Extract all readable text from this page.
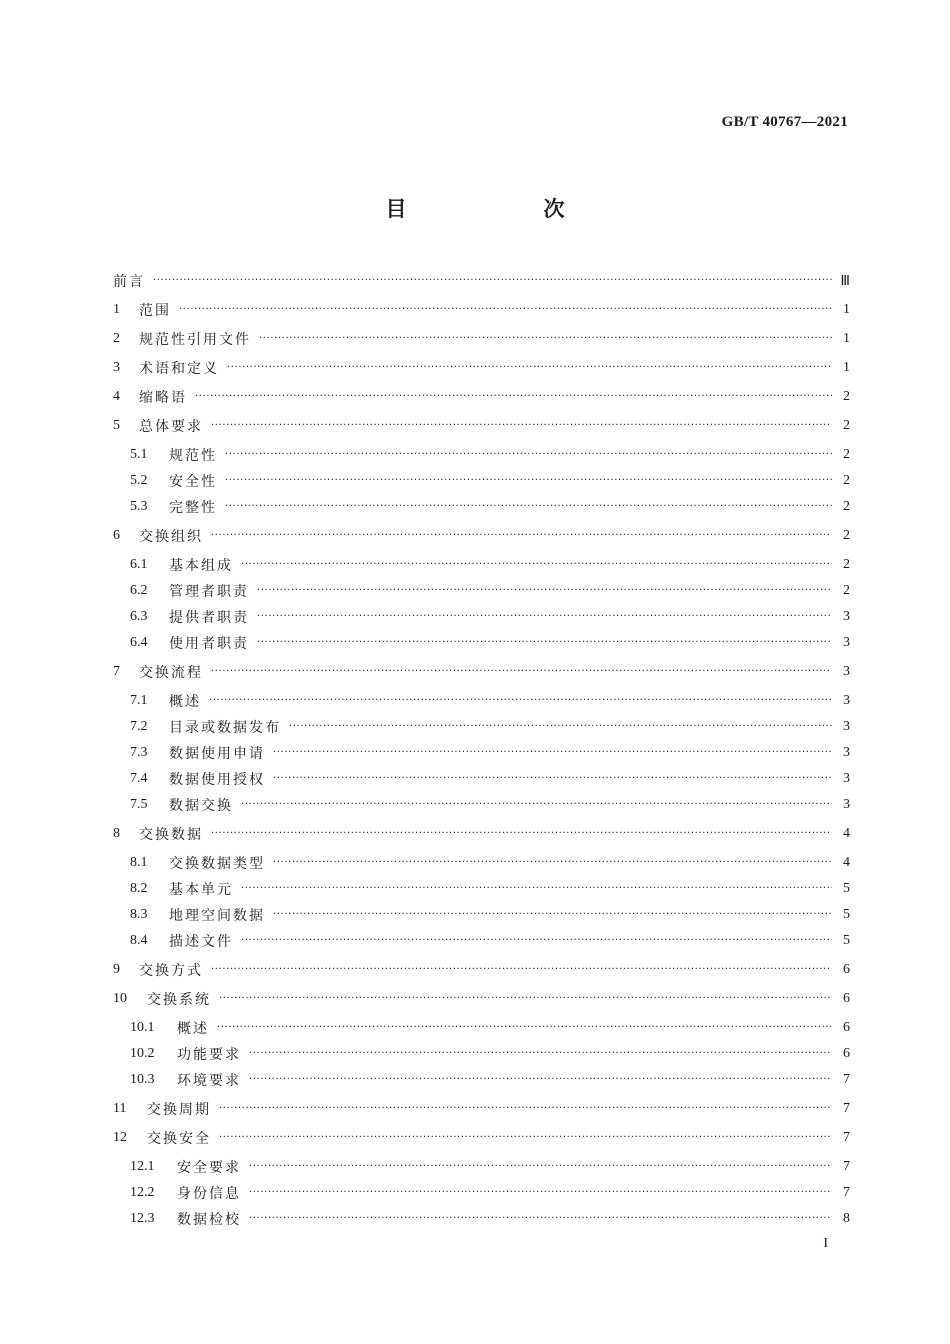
GB/T 40767—2021
目　次
前言 ·····	Ⅲ
1	范围 ·····	1
2	规范性引用文件 ·····	1
3	术语和定义 ·····	1
4	缩略语 ·····	2
5	总体要求 ·····	2
5.1	规范性 ·····	2
5.2	安全性 ·····	2
5.3	完整性 ·····	2
6	交换组织 ·····	2
6.1	基本组成 ·····	2
6.2	管理者职责 ·····	2
6.3	提供者职责 ·····	3
6.4	使用者职责 ·····	3
7	交换流程 ·····	3
7.1	概述 ·····	3
7.2	目录或数据发布 ·····	3
7.3	数据使用申请 ·····	3
7.4	数据使用授权 ·····	3
7.5	数据交换 ·····	3
8	交换数据 ·····	4
8.1	交换数据类型 ·····	4
8.2	基本单元 ·····	5
8.3	地理空间数据 ·····	5
8.4	描述文件 ·····	5
9	交换方式 ·····	6
10	交换系统 ·····	6
10.1	概述 ·····	6
10.2	功能要求 ·····	6
10.3	环境要求 ·····	7
11	交换周期 ·····	7
12	交换安全 ·····	7
12.1	安全要求 ·····	7
12.2	身份信息 ·····	7
12.3	数据检校 ·····	8
I
